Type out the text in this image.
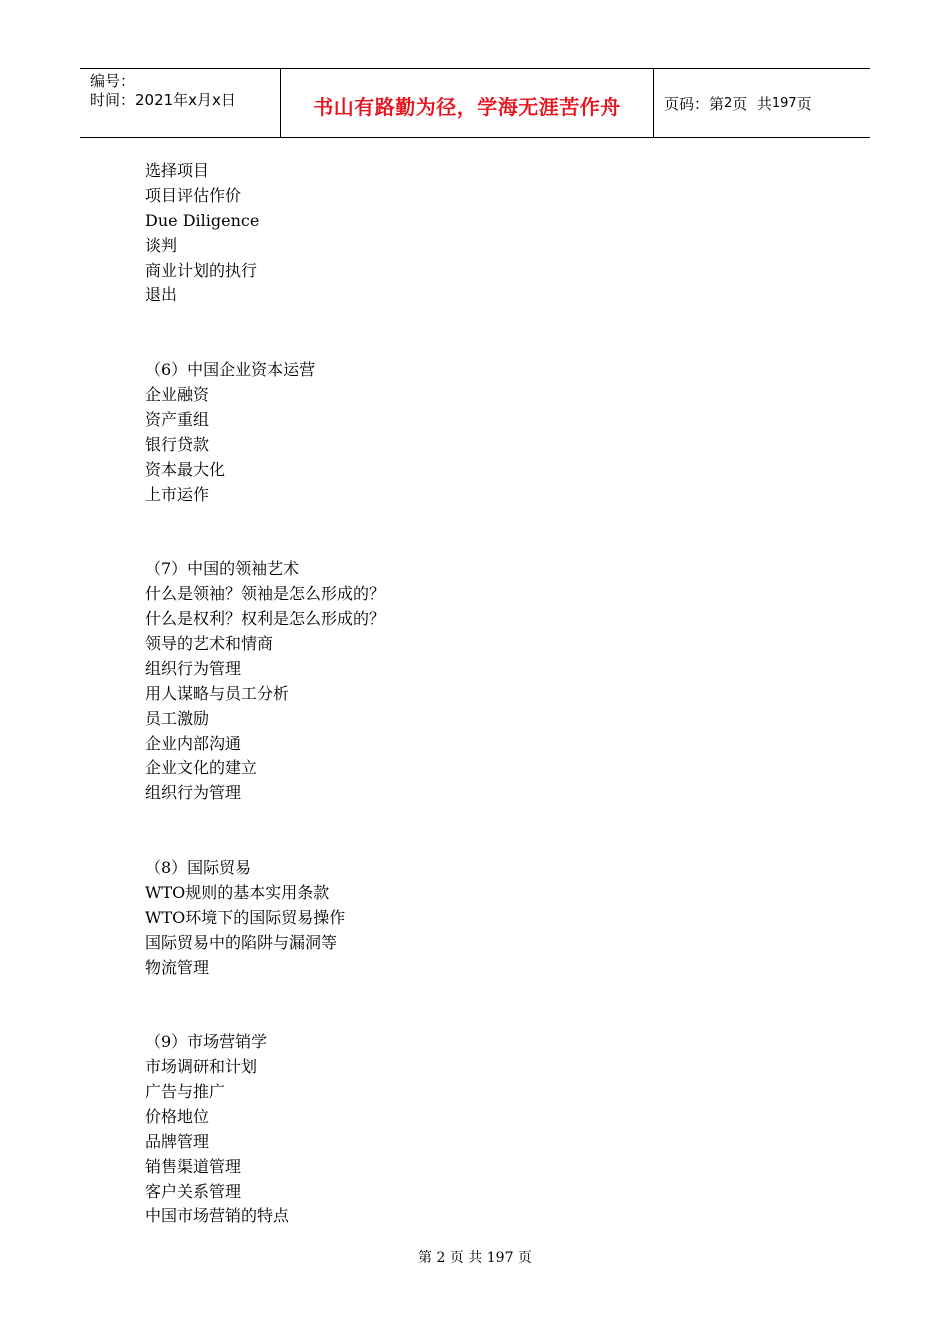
编号：
时间：2021年x月x日	书山有路勤为径，学海无涯苦作舟	页码：第 2 页  共 197 页
选择项目
项目评估作价
Due Diligence
谈判
商业计划的执行
退出
（6）中国企业资本运营
企业融资
资产重组
银行贷款
资本最大化
上市运作
（7）中国的领袖艺术
什么是领袖？领袖是怎么形成的？
什么是权利？权利是怎么形成的？
领导的艺术和情商
组织行为管理
用人谋略与员工分析
员工激励
企业内部沟通
企业文化的建立
组织行为管理
（8）国际贸易
WTO规则的基本实用条款
WTO环境下的国际贸易操作
国际贸易中的陷阱与漏洞等
物流管理
（9）市场营销学
市场调研和计划
广告与推广
价格地位
品牌管理
销售渠道管理
客户关系管理
中国市场营销的特点
第 2 页 共 197 页
